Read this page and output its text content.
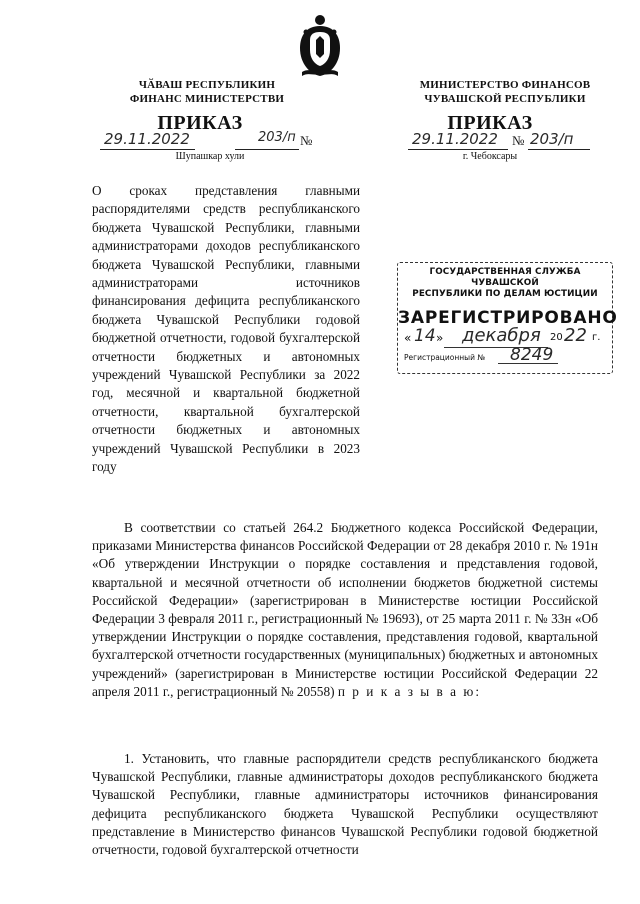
ЧӐВАШ РЕСПУБЛИКИН
ФИНАНС МИНИСТЕРСТВИ
МИНИСТЕРСТВО ФИНАНСОВ
ЧУВАШСКОЙ РЕСПУБЛИКИ
ПРИКАЗ	ПРИКАЗ
29.11.2022	203/п №
Шупашкар хули
29.11.2022 № 203/п
г. Чебоксары
О сроках представления главными распорядителями средств республиканского бюджета Чувашской Республики, главными администраторами доходов республиканского бюджета Чувашской Республики, главными администраторами источников финансирования дефицита республиканского бюджета Чувашской Республики годовой бюджетной отчетности, годовой бухгалтерской отчетности бюджетных и автономных учреждений Чувашской Республики за 2022 год, месячной и квартальной бюджетной отчетности, квартальной бухгалтерской отчетности бюджетных и автономных учреждений Чувашской Республики в 2023 году
ГОСУДАРСТВЕННАЯ СЛУЖБА ЧУВАШСКОЙ
РЕСПУБЛИКИ ПО ДЕЛАМ ЮСТИЦИИ
ЗАРЕГИСТРИРОВАНО
« 14 » декабря 20 22 г.
Регистрационный № 8249
В соответствии со статьей 264.2 Бюджетного кодекса Российской Федерации, приказами Министерства финансов Российской Федерации от 28 декабря 2010 г. № 191н «Об утверждении Инструкции о порядке составления и представления годовой, квартальной и месячной отчетности об исполнении бюджетов бюджетной системы Российской Федерации» (зарегистрирован в Министерстве юстиции Российской Федерации 3 февраля 2011 г., регистрационный № 19693), от 25 марта 2011 г. № 33н «Об утверждении Инструкции о порядке составления, представления годовой, квартальной бухгалтерской отчетности государственных (муниципальных) бюджетных и автономных учреждений» (зарегистрирован в Министерстве юстиции Российской Федерации 22 апреля 2011 г., регистрационный № 20558) п р и к а з ы в а ю:
1. Установить, что главные распорядители средств республиканского бюджета Чувашской Республики, главные администраторы доходов республиканского бюджета Чувашской Республики, главные администраторы источников финансирования дефицита республиканского бюджета Чувашской Республики осуществляют представление в Министерство финансов Чувашской Республики годовой бюджетной отчетности, годовой бухгалтерской отчетности
